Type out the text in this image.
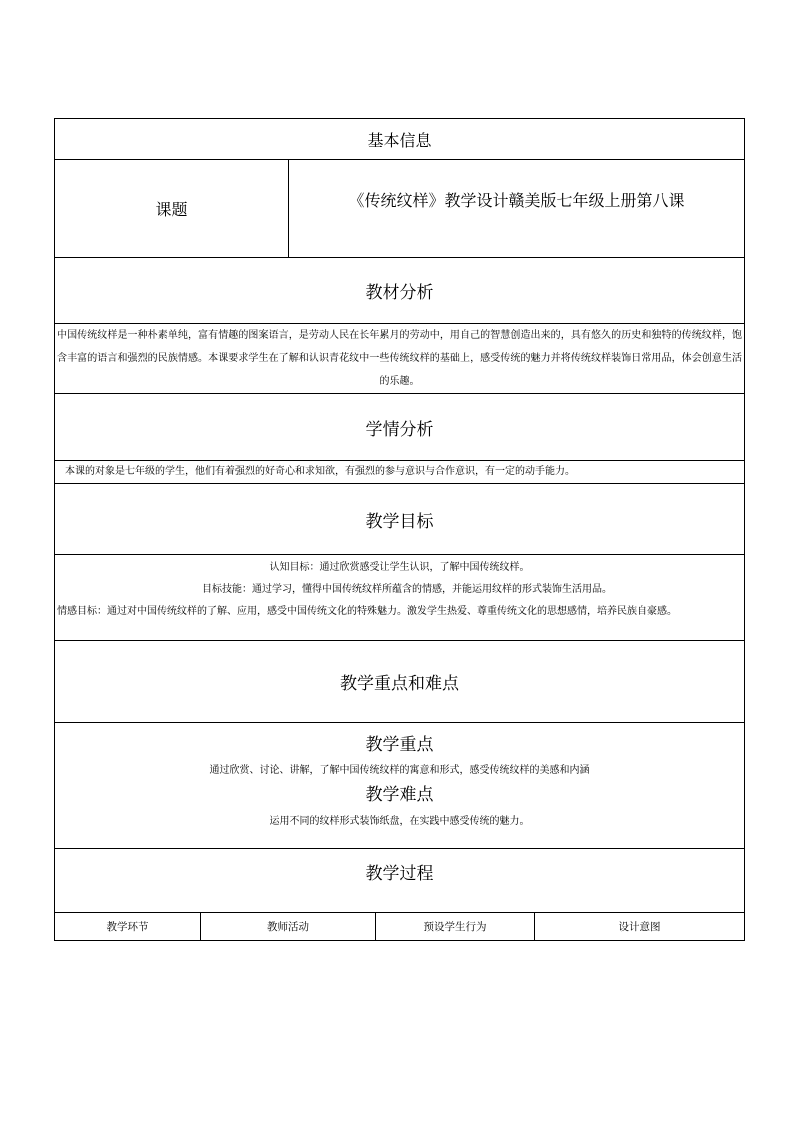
基本信息				
课题		《传统纹样》教学设计赣美版七年级上册第八课		
教材分析				
中国传统纹样是一种朴素单纯，富有情趣的图案语言，是劳动人民在长年累月的劳动中，用自己的智慧创造出来的，具有悠久的历史和独特的传统纹样，饱含丰富的语言和强烈的民族情感。本课要求学生在了解和认识青花纹中一些传统纹样的基础上，感受传统的魅力并将传统纹样装饰日常用品，体会创意生活的乐趣。				
学情分析				
本课的对象是七年级的学生，他们有着强烈的好奇心和求知欲，有强烈的参与意识与合作意识，有一定的动手能力。				
教学目标				

认知目标：通过欣赏感受让学生认识，了解中国传统纹样。
目标技能：通过学习，懂得中国传统纹样所蕴含的情感，并能运用纹样的形式装饰生活用品。
情感目标：通过对中国传统纹样的了解、应用，感受中国传统文化的特殊魅力。激发学生热爱、尊重传统文化的思想感情，培养民族自豪感。				

教学重点和难点				

教学重点
通过欣赏、讨论、讲解，了解中国传统纹样的寓意和形式，感受传统纹样的美感和内涵
教学难点
运用不同的纹样形式装饰纸盘，在实践中感受传统的魅力。				

教学过程				
教学环节	教师活动		预设学生行为	设计意图
